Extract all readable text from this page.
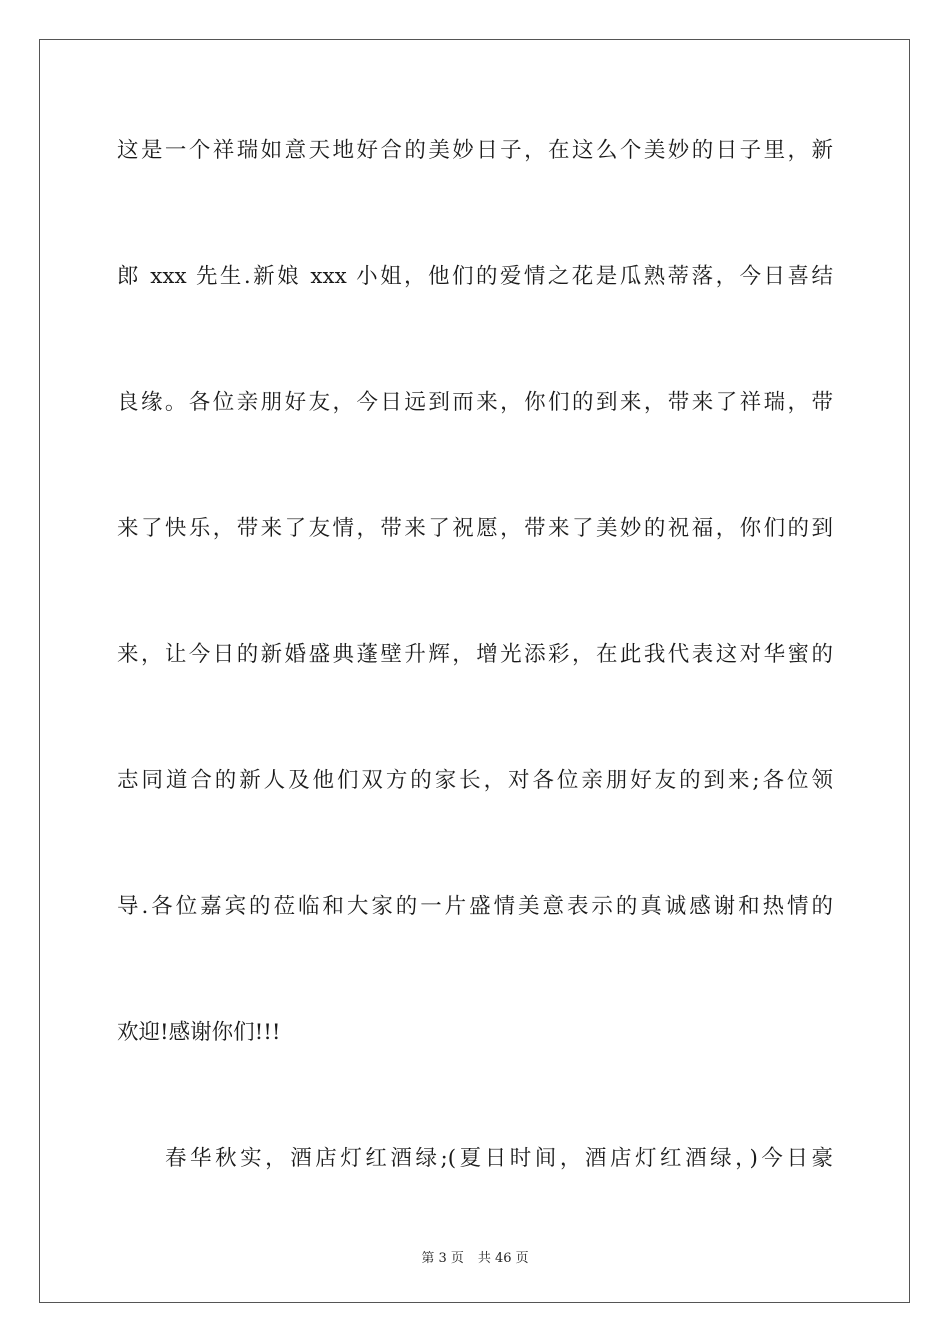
这是一个祥瑞如意天地好合的美妙日子，在这么个美妙的日子里，新
郎 xxx 先生.新娘 xxx 小姐，他们的爱情之花是瓜熟蒂落，今日喜结
良缘。各位亲朋好友，今日远到而来，你们的到来，带来了祥瑞，带
来了快乐，带来了友情，带来了祝愿，带来了美妙的祝福，你们的到
来，让今日的新婚盛典蓬壁升辉，增光添彩，在此我代表这对华蜜的
志同道合的新人及他们双方的家长，对各位亲朋好友的到来;各位领
导.各位嘉宾的莅临和大家的一片盛情美意表示的真诚感谢和热情的
欢迎!感谢你们!!!
春华秋实，酒店灯红酒绿;(夏日时间，酒店灯红酒绿，)今日豪
第 3 页 共 46 页
